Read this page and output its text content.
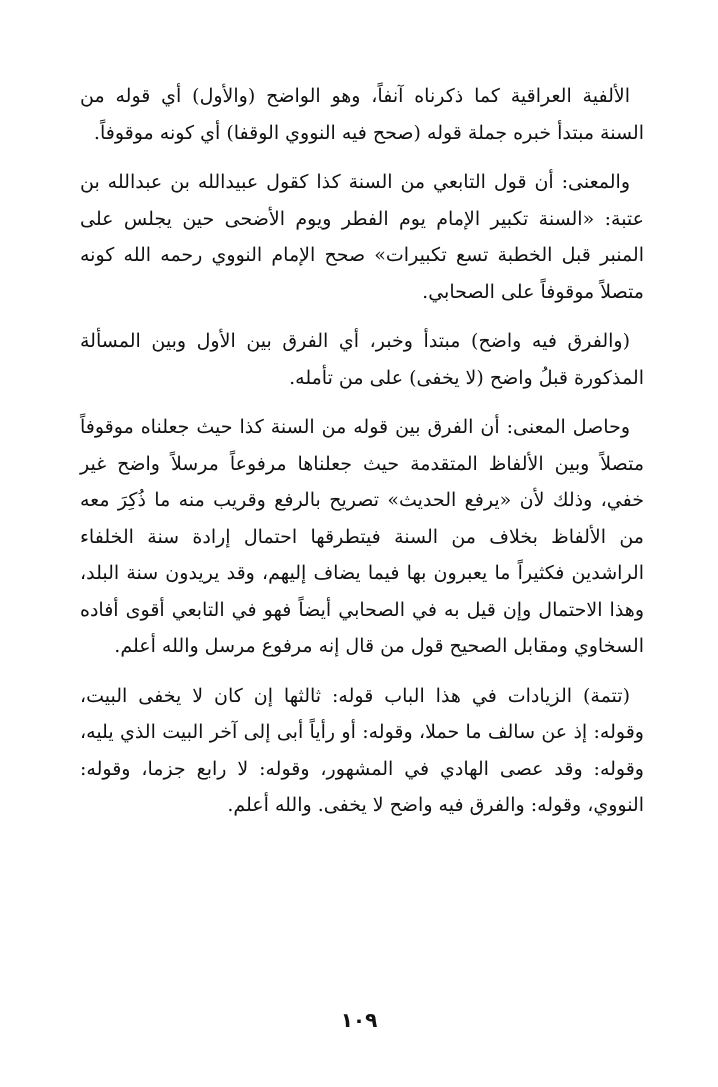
الألفية العراقية كما ذكرناه آنفاً، وهو الواضح (والأول) أي قوله من السنة مبتدأ خبره جملة قوله (صحح فيه النووي الوقفا) أي كونه موقوفاً.

والمعنى: أن قول التابعي من السنة كذا كقول عبيدالله بن عبدالله بن عتبة: «السنة تكبير الإمام يوم الفطر ويوم الأضحى حين يجلس على المنبر قبل الخطبة تسع تكبيرات» صحح الإمام النووي رحمه الله كونه متصلاً موقوفاً على الصحابي.

(والفرق فيه واضح) مبتدأ وخبر، أي الفرق بين الأول وبين المسألة المذكورة قبلُ واضح (لا يخفى) على من تأمله.

وحاصل المعنى: أن الفرق بين قوله من السنة كذا حيث جعلناه موقوفاً متصلاً وبين الألفاظ المتقدمة حيث جعلناها مرفوعاً مرسلاً واضح غير خفي، وذلك لأن «يرفع الحديث» تصريح بالرفع وقريب منه ما ذُكِرَ معه من الألفاظ بخلاف من السنة فيتطرقها احتمال إرادة سنة الخلفاء الراشدين فكثيراً ما يعبرون بها فيما يضاف إليهم، وقد يريدون سنة البلد، وهذا الاحتمال وإن قيل به في الصحابي أيضاً فهو في التابعي أقوى أفاده السخاوي ومقابل الصحيح قول من قال إنه مرفوع مرسل والله أعلم.

(تتمة) الزيادات في هذا الباب قوله: ثالثها إن كان لا يخفى البيت، وقوله: إذ عن سالف ما حملا، وقوله: أو رأياً أبى إلى آخر البيت الذي يليه، وقوله: وقد عصى الهادي في المشهور، وقوله: لا رابع جزما، وقوله: النووي، وقوله: والفرق فيه واضح لا يخفى. والله أعلم.

١٠٩
